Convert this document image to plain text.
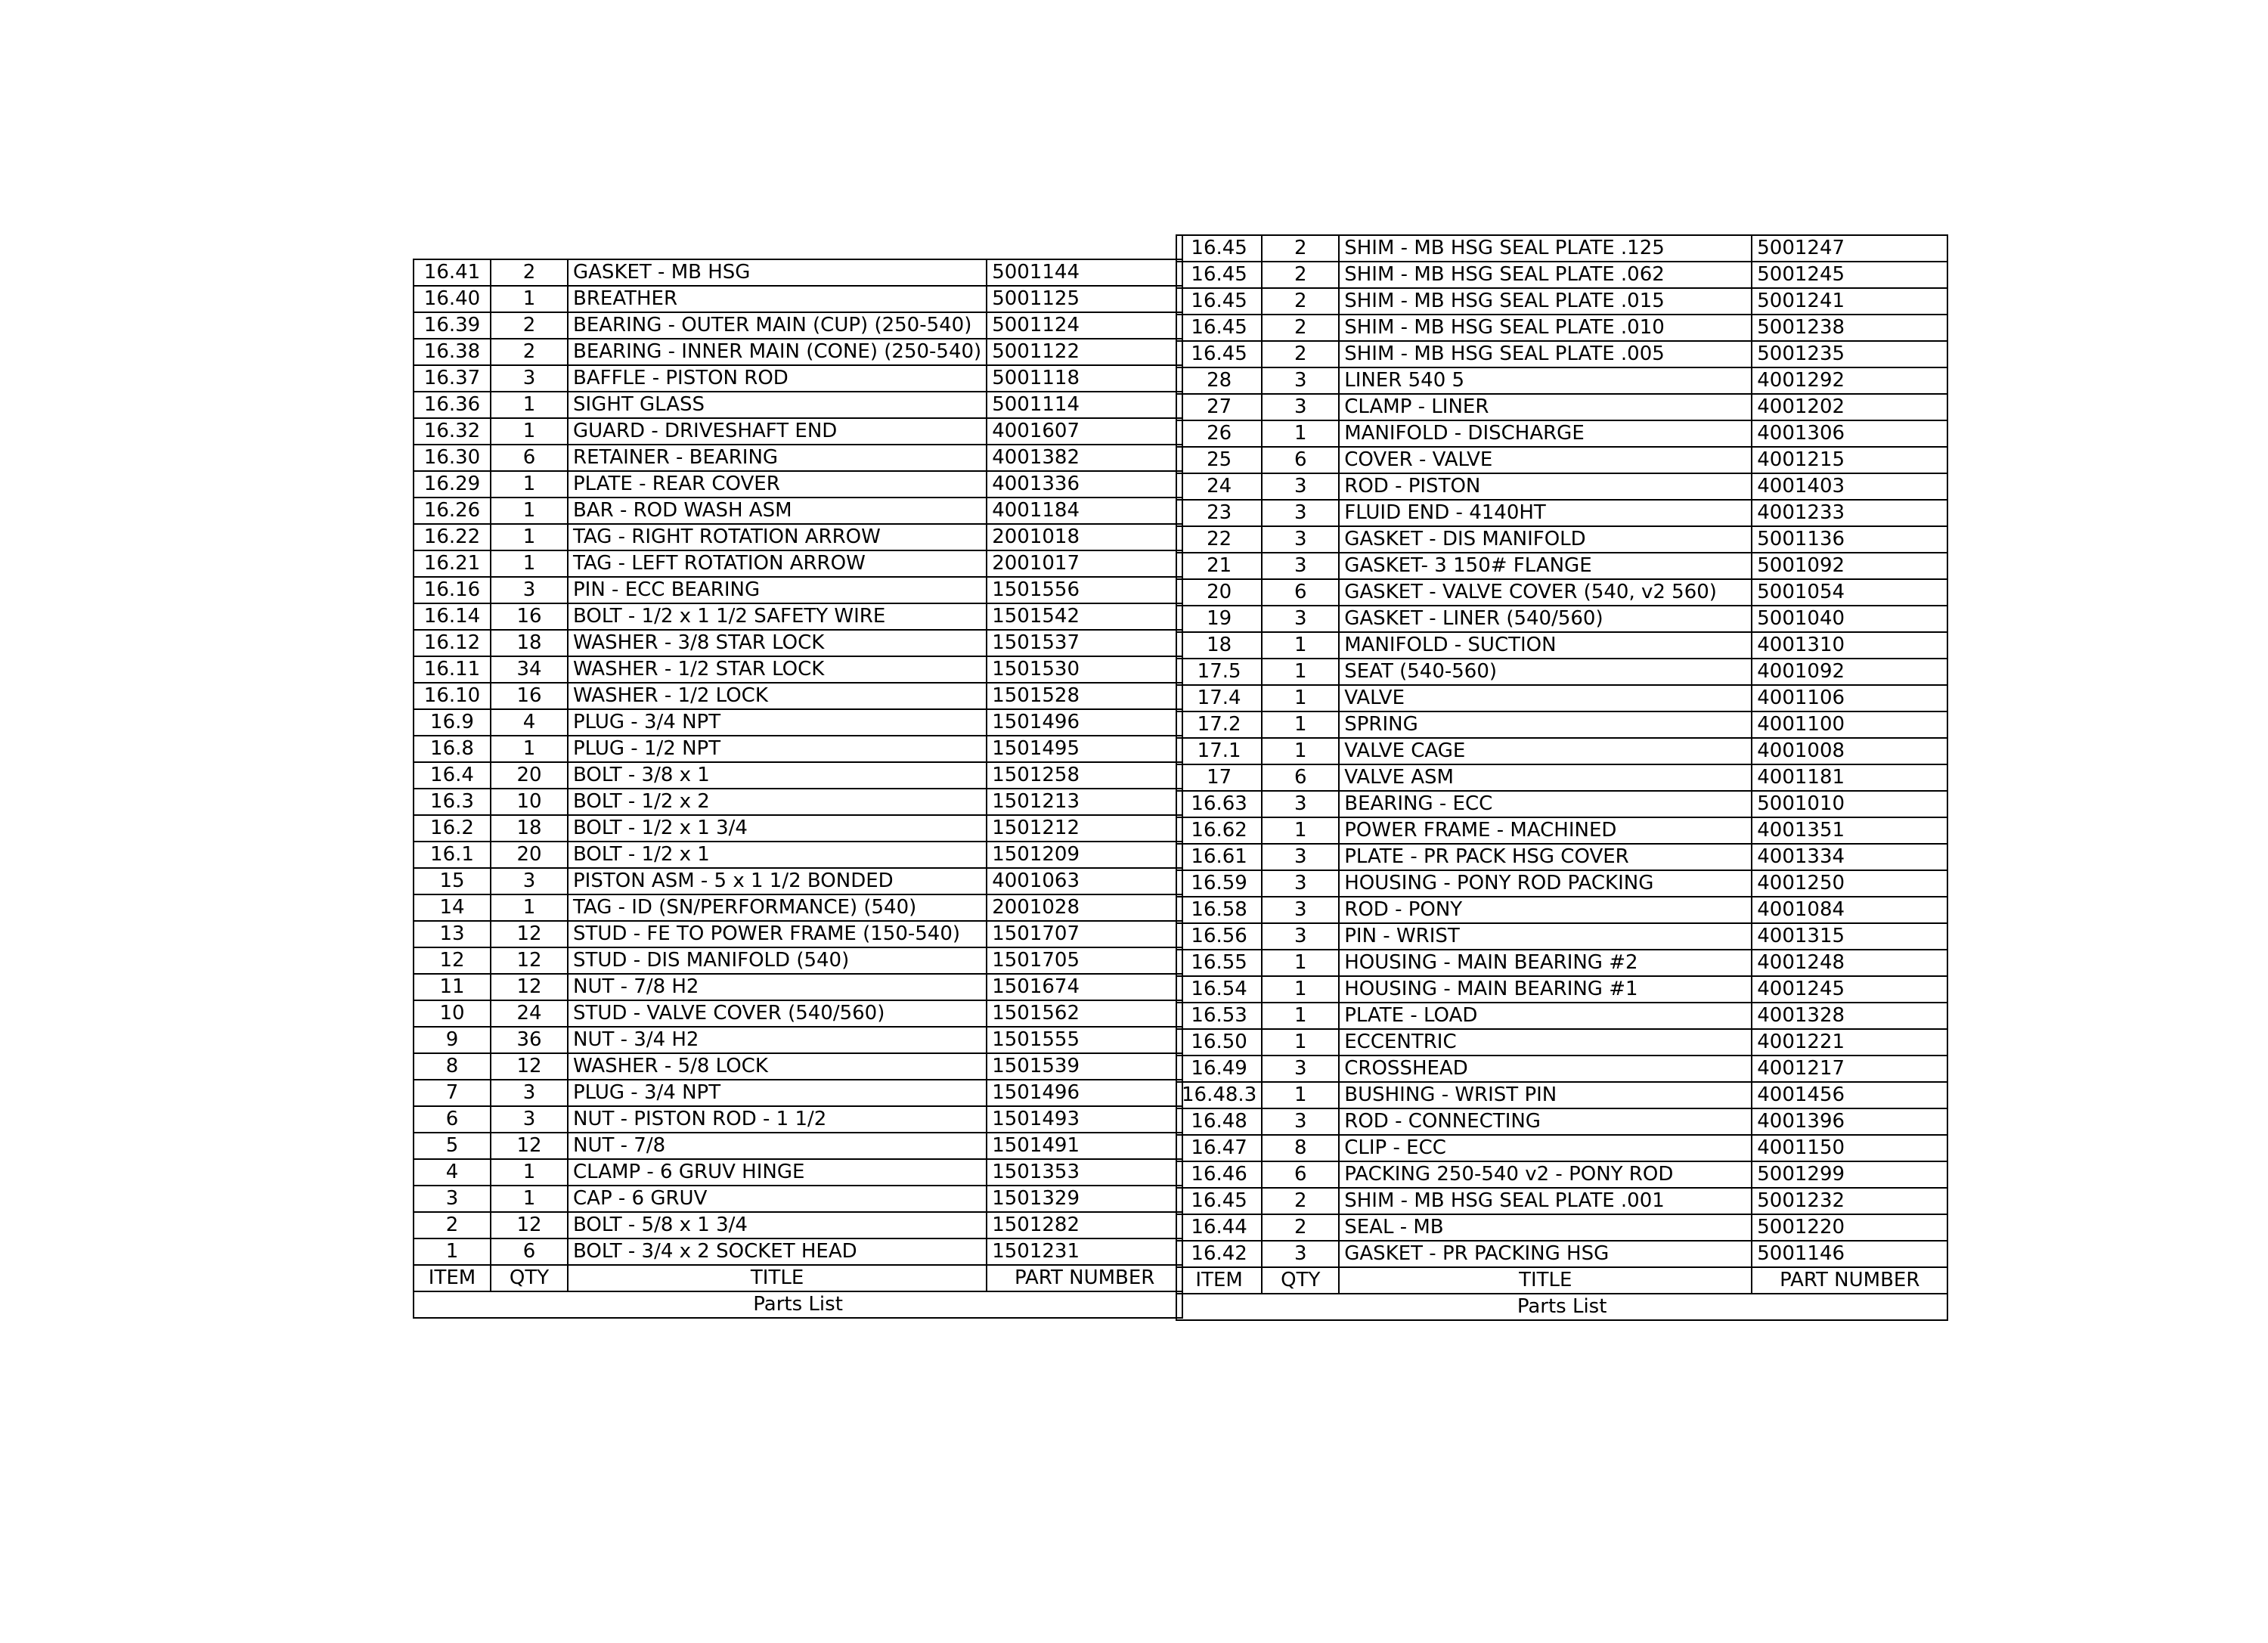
16.41	2	GASKET - MB HSG	5001144
16.40	1	BREATHER	5001125
16.39	2	BEARING - OUTER MAIN (CUP) (250-540)	5001124
16.38	2	BEARING - INNER MAIN (CONE) (250-540)	5001122
16.37	3	BAFFLE - PISTON ROD	5001118
16.36	1	SIGHT GLASS	5001114
16.32	1	GUARD - DRIVESHAFT END	4001607
16.30	6	RETAINER - BEARING	4001382
16.29	1	PLATE - REAR COVER	4001336
16.26	1	BAR - ROD WASH ASM	4001184
16.22	1	TAG - RIGHT ROTATION ARROW	2001018
16.21	1	TAG - LEFT ROTATION ARROW	2001017
16.16	3	PIN - ECC BEARING	1501556
16.14	16	BOLT - 1/2 x 1 1/2 SAFETY WIRE	1501542
16.12	18	WASHER - 3/8 STAR LOCK	1501537
16.11	34	WASHER - 1/2 STAR LOCK	1501530
16.10	16	WASHER - 1/2 LOCK	1501528
16.9	4	PLUG - 3/4 NPT	1501496
16.8	1	PLUG - 1/2 NPT	1501495
16.4	20	BOLT - 3/8 x 1	1501258
16.3	10	BOLT - 1/2 x 2	1501213
16.2	18	BOLT - 1/2 x 1 3/4	1501212
16.1	20	BOLT - 1/2 x 1	1501209
15	3	PISTON ASM - 5 x 1 1/2 BONDED	4001063
14	1	TAG - ID (SN/PERFORMANCE) (540)	2001028
13	12	STUD - FE TO POWER FRAME (150-540)	1501707
12	12	STUD - DIS MANIFOLD (540)	1501705
11	12	NUT - 7/8 H2	1501674
10	24	STUD - VALVE COVER (540/560)	1501562
9	36	NUT - 3/4 H2	1501555
8	12	WASHER - 5/8 LOCK	1501539
7	3	PLUG - 3/4 NPT	1501496
6	3	NUT - PISTON ROD - 1 1/2	1501493
5	12	NUT - 7/8	1501491
4	1	CLAMP - 6 GRUV HINGE	1501353
3	1	CAP - 6 GRUV	1501329
2	12	BOLT - 5/8 x 1 3/4	1501282
1	6	BOLT - 3/4 x 2 SOCKET HEAD	1501231
ITEM	QTY	TITLE	PART NUMBER
Parts List			
16.45	2	SHIM - MB HSG SEAL PLATE .125	5001247
16.45	2	SHIM - MB HSG SEAL PLATE .062	5001245
16.45	2	SHIM - MB HSG SEAL PLATE .015	5001241
16.45	2	SHIM - MB HSG SEAL PLATE .010	5001238
16.45	2	SHIM - MB HSG SEAL PLATE .005	5001235
28	3	LINER 540 5	4001292
27	3	CLAMP - LINER	4001202
26	1	MANIFOLD - DISCHARGE	4001306
25	6	COVER - VALVE	4001215
24	3	ROD - PISTON	4001403
23	3	FLUID END - 4140HT	4001233
22	3	GASKET - DIS MANIFOLD	5001136
21	3	GASKET- 3 150# FLANGE	5001092
20	6	GASKET - VALVE COVER (540, v2 560)	5001054
19	3	GASKET - LINER (540/560)	5001040
18	1	MANIFOLD - SUCTION	4001310
17.5	1	SEAT (540-560)	4001092
17.4	1	VALVE	4001106
17.2	1	SPRING	4001100
17.1	1	VALVE CAGE	4001008
17	6	VALVE ASM	4001181
16.63	3	BEARING - ECC	5001010
16.62	1	POWER FRAME - MACHINED	4001351
16.61	3	PLATE - PR PACK HSG COVER	4001334
16.59	3	HOUSING - PONY ROD PACKING	4001250
16.58	3	ROD - PONY	4001084
16.56	3	PIN - WRIST	4001315
16.55	1	HOUSING - MAIN BEARING #2	4001248
16.54	1	HOUSING - MAIN BEARING #1	4001245
16.53	1	PLATE - LOAD	4001328
16.50	1	ECCENTRIC	4001221
16.49	3	CROSSHEAD	4001217
16.48.3	1	BUSHING - WRIST PIN	4001456
16.48	3	ROD - CONNECTING	4001396
16.47	8	CLIP - ECC	4001150
16.46	6	PACKING 250-540 v2 - PONY ROD	5001299
16.45	2	SHIM - MB HSG SEAL PLATE .001	5001232
16.44	2	SEAL - MB	5001220
16.42	3	GASKET - PR PACKING HSG	5001146
ITEM	QTY	TITLE	PART NUMBER
Parts List			
